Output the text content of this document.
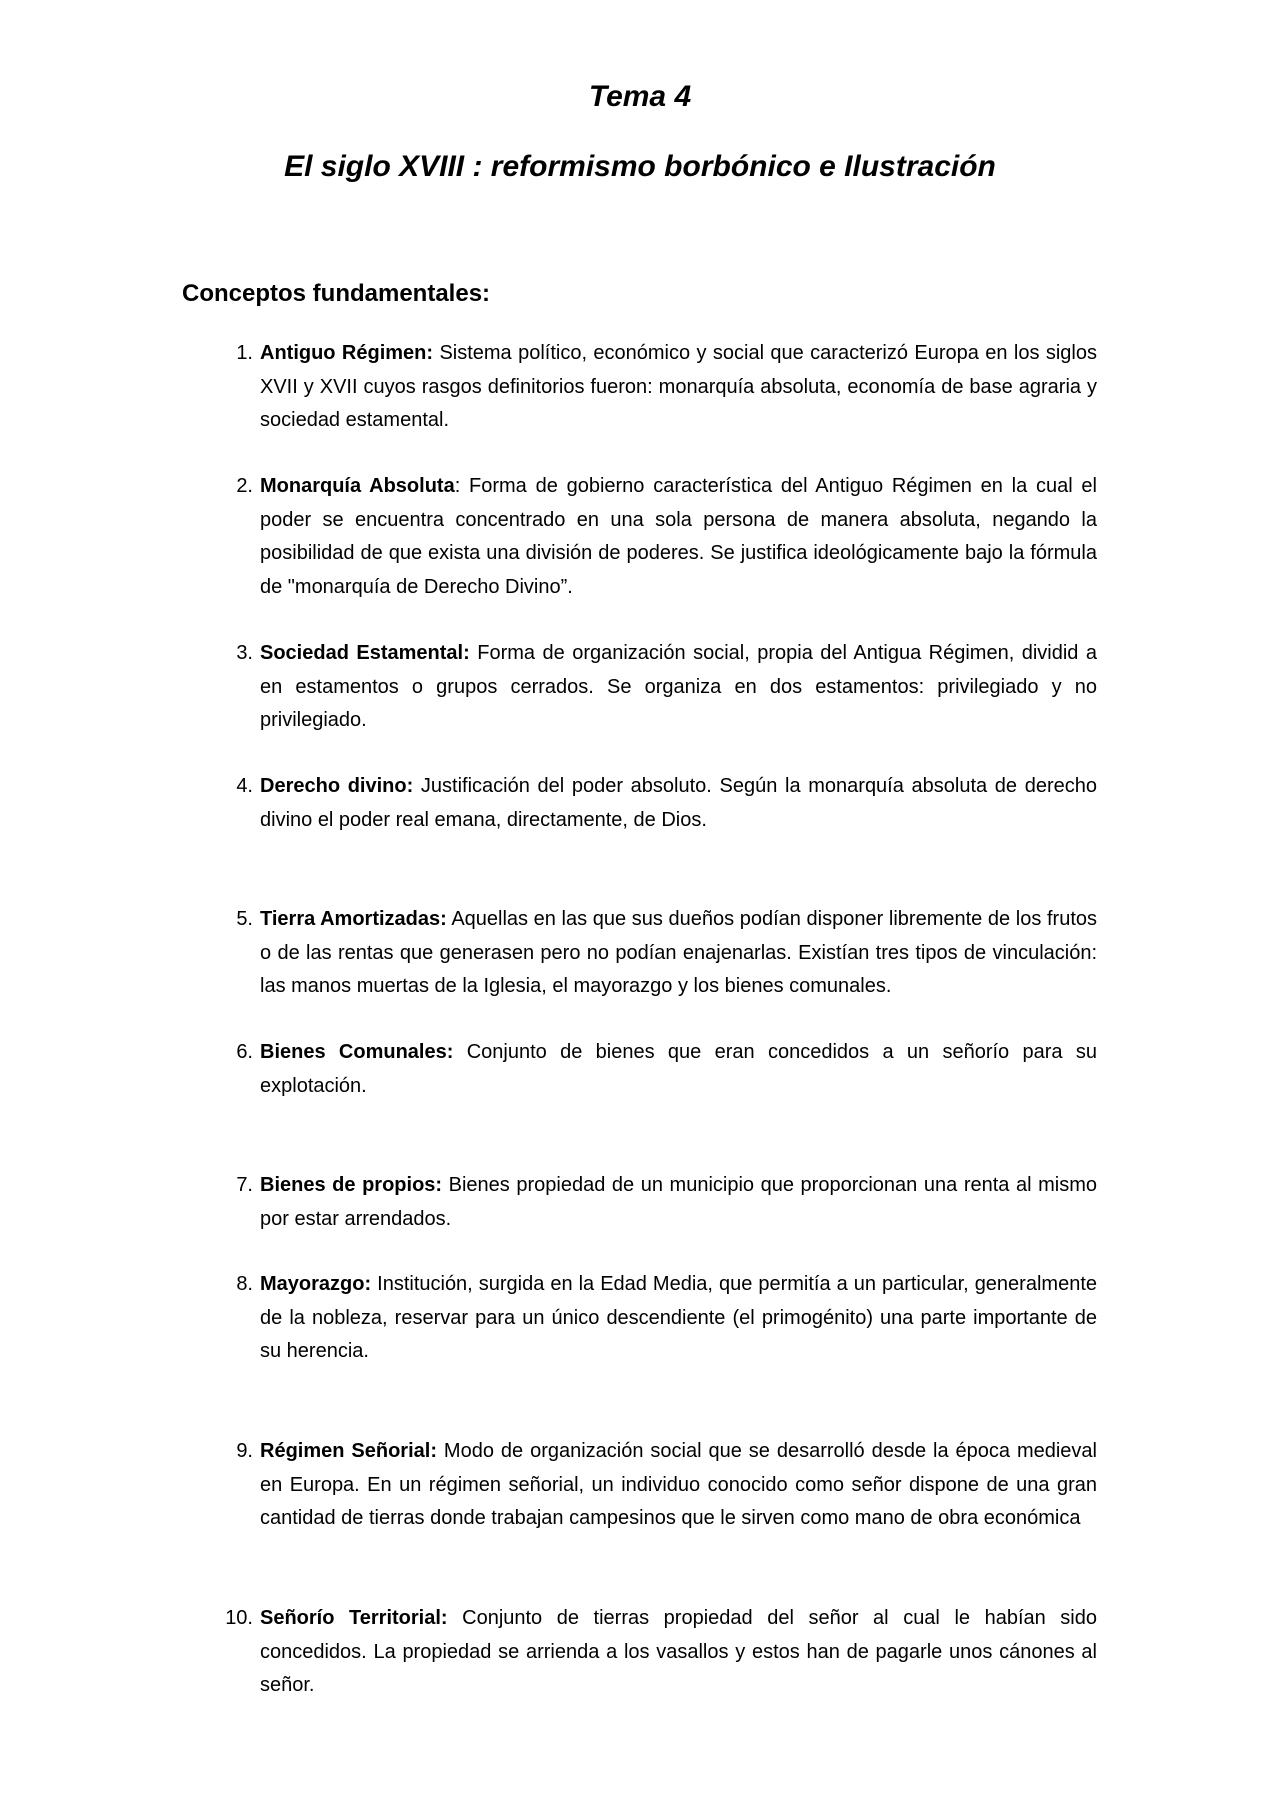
Tema 4
El siglo XVIII : reformismo borbónico e Ilustración
Conceptos fundamentales:
1. Antiguo Régimen: Sistema político, económico y social que caracterizó Europa en los siglos XVII y XVII cuyos rasgos definitorios fueron: monarquía absoluta, economía de base agraria y sociedad estamental.
2. Monarquía Absoluta: Forma de gobierno característica del Antiguo Régimen en la cual el poder se encuentra concentrado en una sola persona de manera absoluta, negando la posibilidad de que exista una división de poderes. Se justifica ideológicamente bajo la fórmula de "monarquía de Derecho Divino”.
3. Sociedad Estamental: Forma de organización social, propia del Antigua Régimen, dividid a en estamentos o grupos cerrados. Se organiza en dos estamentos: privilegiado y no privilegiado.
4. Derecho divino: Justificación del poder absoluto. Según la monarquía absoluta de derecho divino el poder real emana, directamente, de Dios.
5. Tierra Amortizadas: Aquellas en las que sus dueños podían disponer libremente de los frutos o de las rentas que generasen pero no podían enajenarlas. Existían tres tipos de vinculación: las manos muertas de la Iglesia, el mayorazgo y los bienes comunales.
6. Bienes Comunales: Conjunto de bienes que eran concedidos a un señorío para su explotación.
7. Bienes de propios: Bienes propiedad de un municipio que proporcionan una renta al mismo por estar arrendados.
8. Mayorazgo: Institución, surgida en la Edad Media, que permitía a un particular, generalmente de la nobleza, reservar para un único descendiente (el primogénito) una parte importante de su herencia.
9. Régimen Señorial: Modo de organización social que se desarrolló desde la época medieval en Europa. En un régimen señorial, un individuo conocido como señor dispone de una gran cantidad de tierras donde trabajan campesinos que le sirven como mano de obra económica
10. Señorío Territorial: Conjunto de tierras propiedad del señor al cual le habían sido concedidos. La propiedad se arrienda a los vasallos y estos han de pagarle unos cánones al señor.
